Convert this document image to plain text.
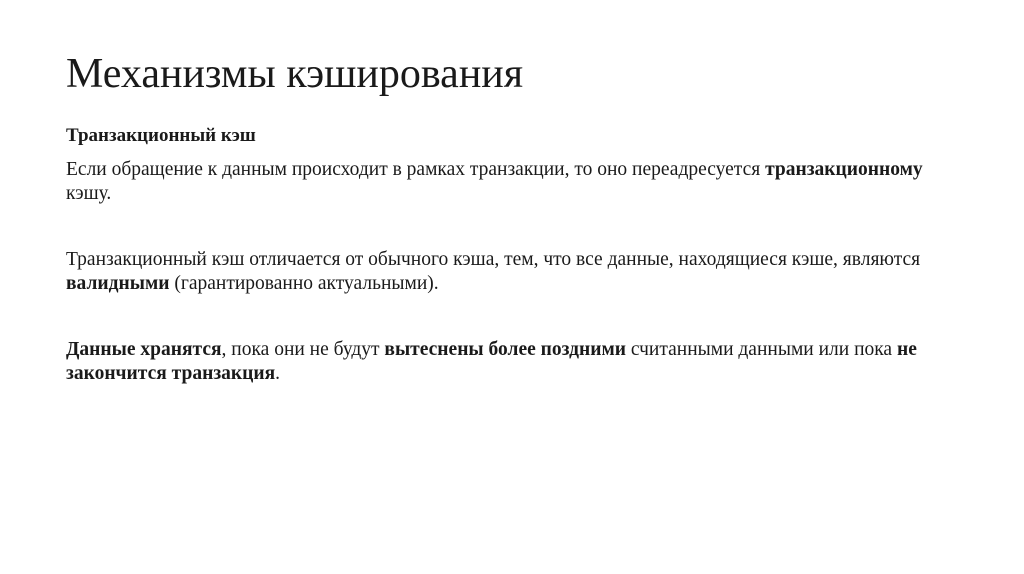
Механизмы кэширования

Транзакционный кэш

Если обращение к данным происходит в рамках транзакции, то оно переадресуется транзакционному кэшу.

Транзакционный кэш отличается от обычного кэша, тем, что все данные, находящиеся кэше, являются валидными (гарантированно актуальными).

Данные хранятся, пока они не будут вытеснены более поздними считанными данными или пока не закончится транзакция.
